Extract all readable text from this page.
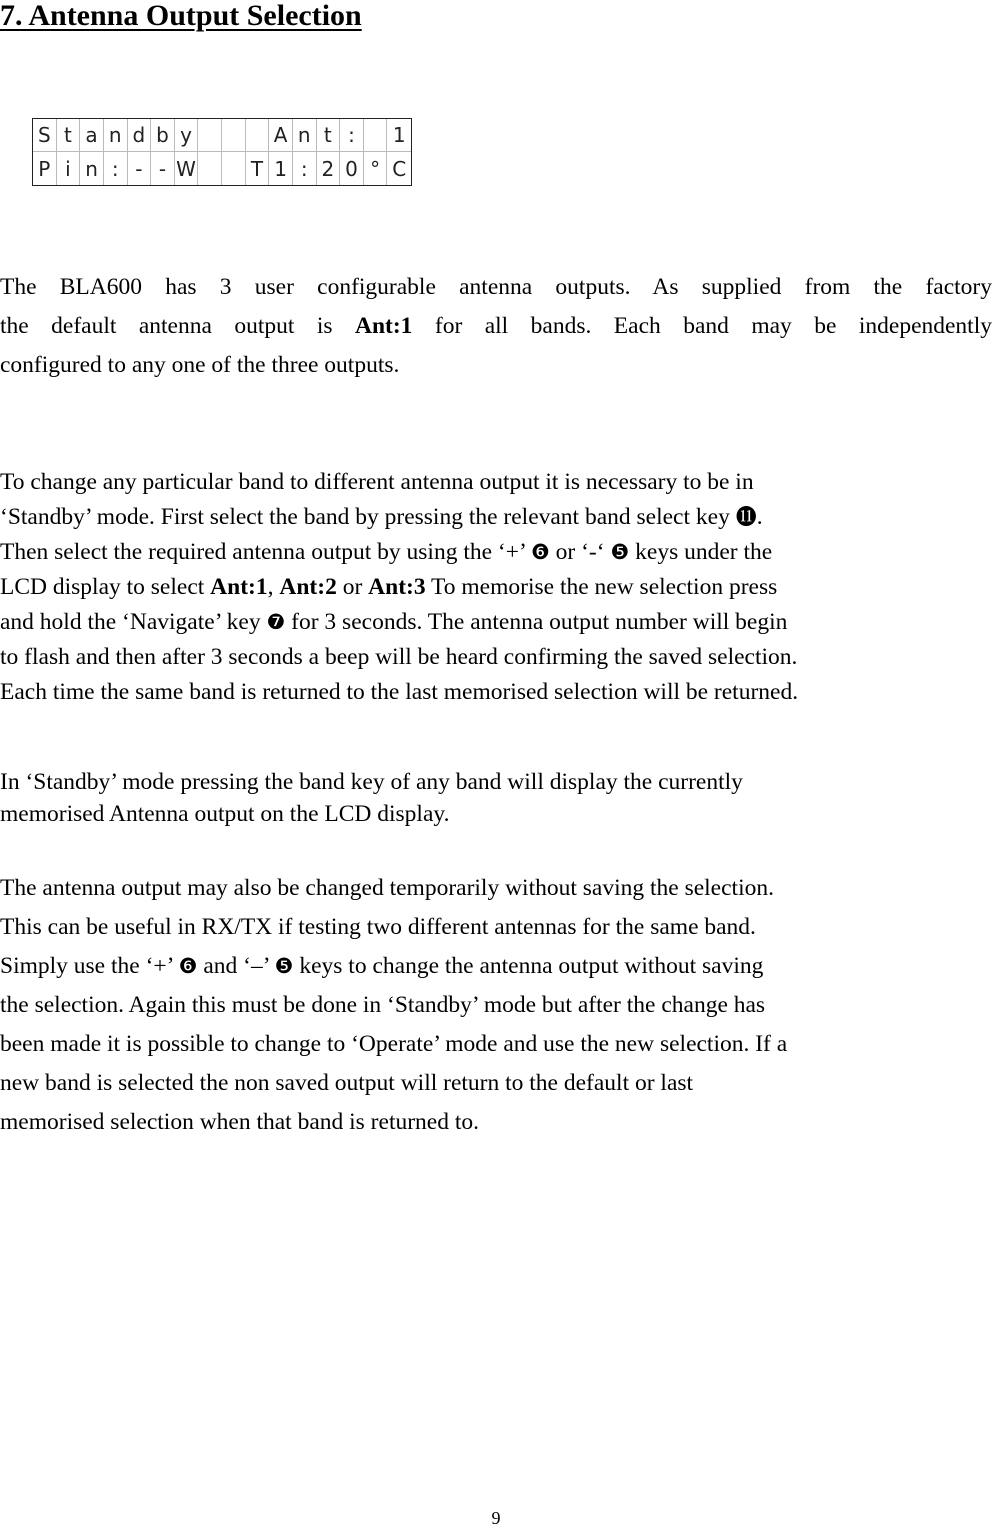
7. Antenna Output Selection
S t a n d b y	A n t :	1
P i n : - - W	T 1 : 2 0 ° C
The BLA600 has 3 user configurable antenna outputs. As supplied from the factory
the default antenna output is Ant:1 for all bands. Each band may be independently
configured to any one of the three outputs.
To change any particular band to different antenna output it is necessary to be in
‘Standby’ mode. First select the band by pressing the relevant band select key ⓫.
Then select the required antenna output by using the ‘+’ ❻ or ‘-‘ ❺ keys under the
LCD display to select Ant:1, Ant:2 or Ant:3 To memorise the new selection press
and hold the ‘Navigate’ key ❼ for 3 seconds. The antenna output number will begin
to flash and then after 3 seconds a beep will be heard confirming the saved selection.
Each time the same band is returned to the last memorised selection will be returned.
In ‘Standby’ mode pressing the band key of any band will display the currently
memorised Antenna output on the LCD display.
The antenna output may also be changed temporarily without saving the selection.
This can be useful in RX/TX if testing two different antennas for the same band.
Simply use the ‘+’ ❻ and ‘–’ ❺ keys to change the antenna output without saving
the selection. Again this must be done in ‘Standby’ mode but after the change has
been made it is possible to change to ‘Operate’ mode and use the new selection. If a
new band is selected the non saved output will return to the default or last
memorised selection when that band is returned to.

9
